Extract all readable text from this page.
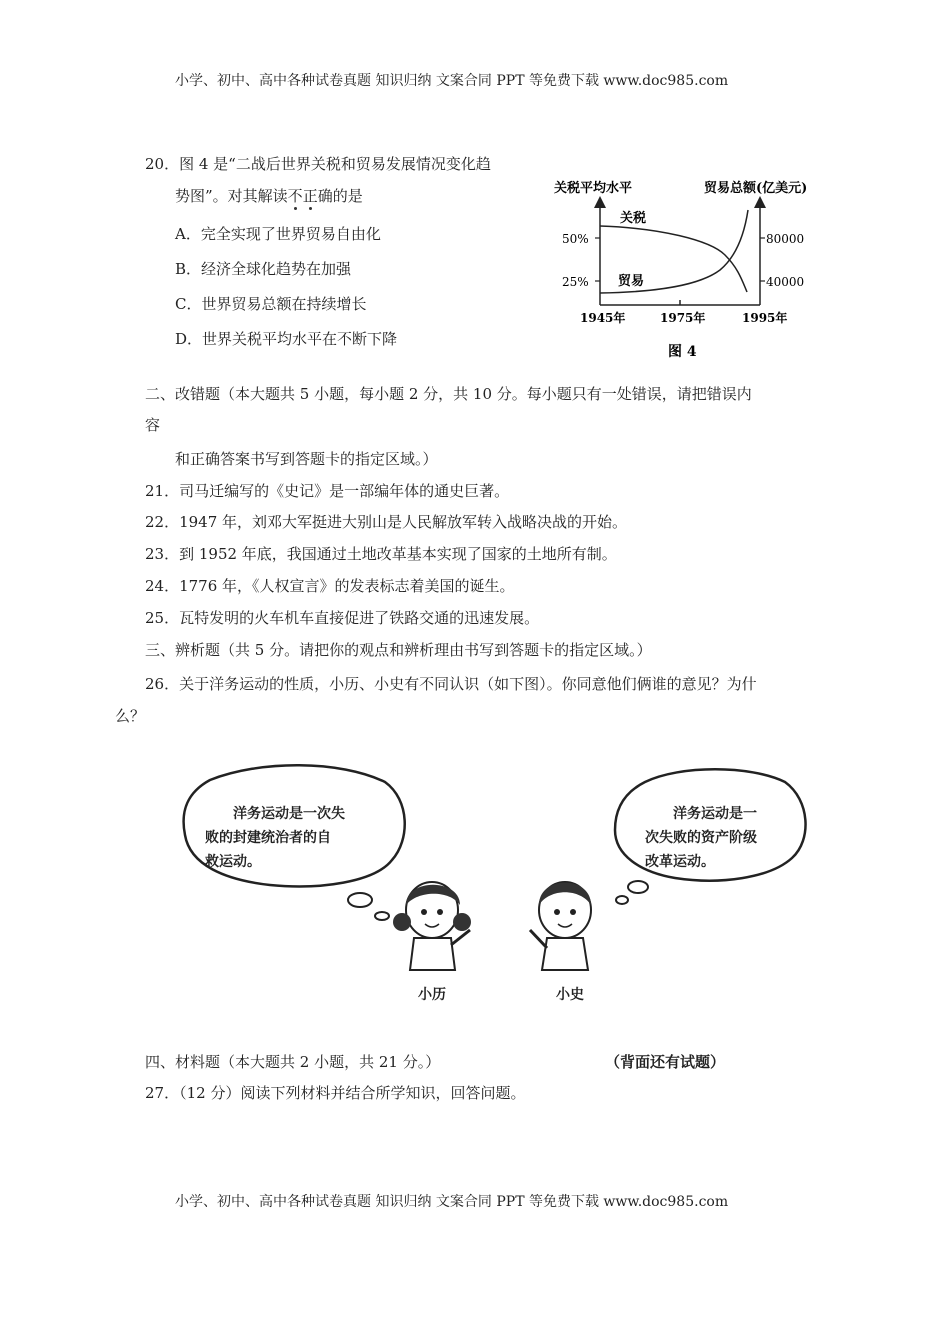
小学、初中、高中各种试卷真题 知识归纳 文案合同 PPT 等免费下载 www.doc985.com
20．图 4 是“二战后世界关税和贸易发展情况变化趋
势图”。对其解读不正确的是
A．完全实现了世界贸易自由化
B．经济全球化趋势在加强
C．世界贸易总额在持续增长
D．世界关税平均水平在不断下降
关税平均水平	贸易总额(亿美元)
50%
25%
80000
40000
关税
贸易
1945年	1975年	1995年
图 4
二、改错题（本大题共 5 小题，每小题 2 分，共 10 分。每小题只有一处错误，请把错误内
容
和正确答案书写到答题卡的指定区域。）
21．司马迁编写的《史记》是一部编年体的通史巨著。
22．1947 年，刘邓大军挺进大别山是人民解放军转入战略决战的开始。
23．到 1952 年底，我国通过土地改革基本实现了国家的土地所有制。
24．1776 年，《人权宣言》的发表标志着美国的诞生。
25．瓦特发明的火车机车直接促进了铁路交通的迅速发展。
三、辨析题（共 5 分。请把你的观点和辨析理由书写到答题卡的指定区域。）
26．关于洋务运动的性质，小历、小史有不同认识（如下图）。你同意他们俩谁的意见？为什
么？
洋务运动是一次失
败的封建统治者的自
救运动。
洋务运动是一
次失败的资产阶级
改革运动。
小历	小史
四、材料题（本大题共 2 小题，共 21 分。）	（背面还有试题）
27．（12 分）阅读下列材料并结合所学知识，回答问题。
小学、初中、高中各种试卷真题 知识归纳 文案合同 PPT 等免费下载 www.doc985.com
